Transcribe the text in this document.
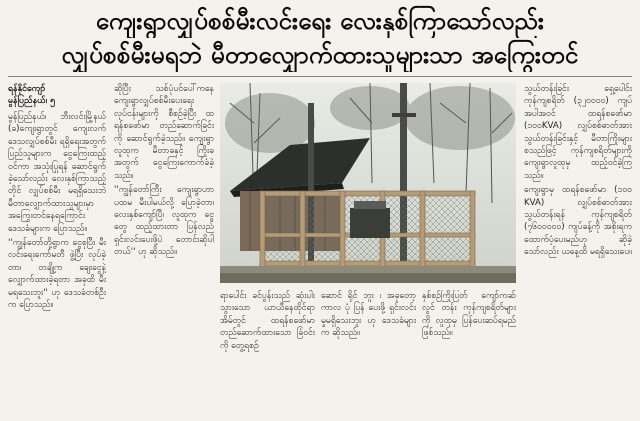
ကျေးရွာလျှပ်စစ်မီးလင်းရေး လေးနှစ်ကြာသော်လည်း
လျှပ်စစ်မီးမရဘဲ မီတာလျှောက်ထားသူများသာ အကြွေးတင်
ရန်နိုင်ကျော်
မွန်ပြည်နယ်၊ ၅

မွန်ပြည်နယ်၊ ဘီးလင်းမြို့နယ် (ခ)ကျေးရွာတွင် ကျေးလက်ဒေသလျှပ်စစ်မီး ရရှိရေးအတွက် ပြည်သူများက ငွေကြေးထည့်ဝင်ကာ အသုံးပြုရန် ဆောင်ရွက်ခဲ့သော်လည်း လေးနှစ်ကြာသည့်တိုင် လျှပ်စစ်မီး မရရှိသေးဘဲ မီတာလျှောက်ထားသူများမှာ အကြွေးတင်နေရကြောင်း ဒေသခံများက ပြောသည်။

''ကျွန်တော်တို့ရွာက ငွေစုပြီး မီးလင်းရေးကော်မတီ ဖွဲ့ပြီး လုပ်ခဲ့တာ၊ တချို့က ချေးငွေနဲ့ လျှောက်ထားခဲ့ရတာ အခုထိ မီးမရသေးဘူး'' ဟု ဒေသခံတစ်ဦးက ပြောသည်။

ဆိုပြီး သစ်ပုံပင်ပေါ်ကနေ ကျေးရွာလျှပ်စစ်မီးပေးရေး လုပ်ငန်းများကို စီစဉ်ခဲ့ပြီး ထရန်စဖော်မာ တည်ဆောက်ခြင်းကို ဆောင်ရွက်ခဲ့သည်။ ကျေးရွာလူထုက မီတာခနှင့် ကြိုးခ အတွက် ငွေကြေးကောက်ခံခဲ့သည်။

''ကျွန်တော်ကြီး ကျေးရွာဟာ ပထမ မီးပါမယ်လို့ ပြောခဲ့တာ၊ လေးနှစ်ကျော်ပြီ၊ လူထုက ငွေတွေ ထည့်ထားတာ ပြန်လည်ရှင်းလင်းပေးဖို့ပဲ တောင်းဆိုပါတယ်'' ဟု ဆိုသည်။

ရာပေါင်း ခင်ပွန်းသည် ဆုံးပါး သွားသော ယာယီနေထိုင်ရာ အိမ်တွင် ထရန်စဖော်မာ တည်ဆောက်ထားသော ခြံဝင်းကို တွေ့ရစဉ်

ဆောင် ရိုင် ဘူး ၊ အခုတော့ ကာလ ပုံ ပြန် ပေးဖို့ ရှင်းလင်းမှုမရှိသေးဘူး ဟု ဒေသခံများက ဆိုသည်။

နှစ်စဉ်ကြိုးပြတ် ကျော်ကဆ်လွင် တန်း ကုန်ကျစရိတ်များကို လူထုမှ ပြန်ပေးဆပ်ရမည်ဖြစ်သည်။

သွယ်တန်းခြင်း ရှေ့ပေါင်း ကုန်ကျစရိတ် (၃၂၀၀၀၀) ကျပ်အပါအဝင် ထရန်စဖော်မာ (၁၀၀KVA) လျှပ်စစ်ဓာတ်အား သွယ်တန်းခြင်းနှင့် မီတာကြိုးများ စသည်ဖြင့် ကုန်ကျစရိတ်များကို ကျေးရွာလူထုမှ ထည့်ဝင်ခဲ့ကြသည်။

ကျေးရွာမှ ထရန်စဖော်မာ (၁၀၀ KVA) လျှပ်စစ်ဓာတ်အား သွယ်တန်းရန် ကုန်ကျစရိတ် (၇၆၀၀၀၀၀) ကျပ်ခန့်ကို အစိုးရက ထောက်ပံ့ပေးမည်ဟု ဆိုခဲ့သော်လည်း ယနေ့ထိ မရရှိသေးပေ။
